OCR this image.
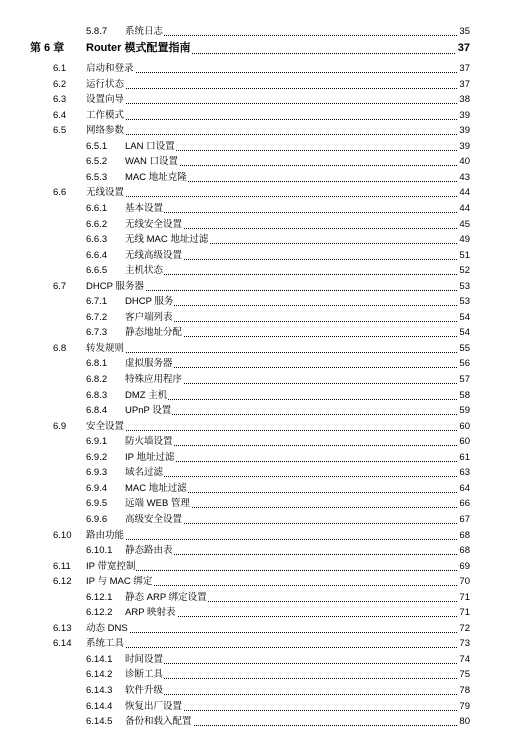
5.8.7 系统日志	35
第 6 章 Router 模式配置指南	37
6.1 启动和登录	37
6.2 运行状态	37
6.3 设置向导	38
6.4 工作模式	39
6.5 网络参数	39
6.5.1 LAN 口设置	39
6.5.2 WAN 口设置	40
6.5.3 MAC 地址克隆	43
6.6 无线设置	44
6.6.1 基本设置	44
6.6.2 无线安全设置	45
6.6.3 无线 MAC 地址过滤	49
6.6.4 无线高级设置	51
6.6.5 主机状态	52
6.7 DHCP 服务器	53
6.7.1 DHCP 服务	53
6.7.2 客户端列表	54
6.7.3 静态地址分配	54
6.8 转发规则	55
6.8.1 虚拟服务器	56
6.8.2 特殊应用程序	57
6.8.3 DMZ 主机	58
6.8.4 UPnP 设置	59
6.9 安全设置	60
6.9.1 防火墙设置	60
6.9.2 IP 地址过滤	61
6.9.3 域名过滤	63
6.9.4 MAC 地址过滤	64
6.9.5 远端 WEB 管理	66
6.9.6 高级安全设置	67
6.10 路由功能	68
6.10.1 静态路由表	68
6.11 IP 带宽控制	69
6.12 IP 与 MAC 绑定	70
6.12.1 静态 ARP 绑定设置	71
6.12.2 ARP 映射表	71
6.13 动态 DNS	72
6.14 系统工具	73
6.14.1 时间设置	74
6.14.2 诊断工具	75
6.14.3 软件升级	78
6.14.4 恢复出厂设置	79
6.14.5 备份和载入配置	80
